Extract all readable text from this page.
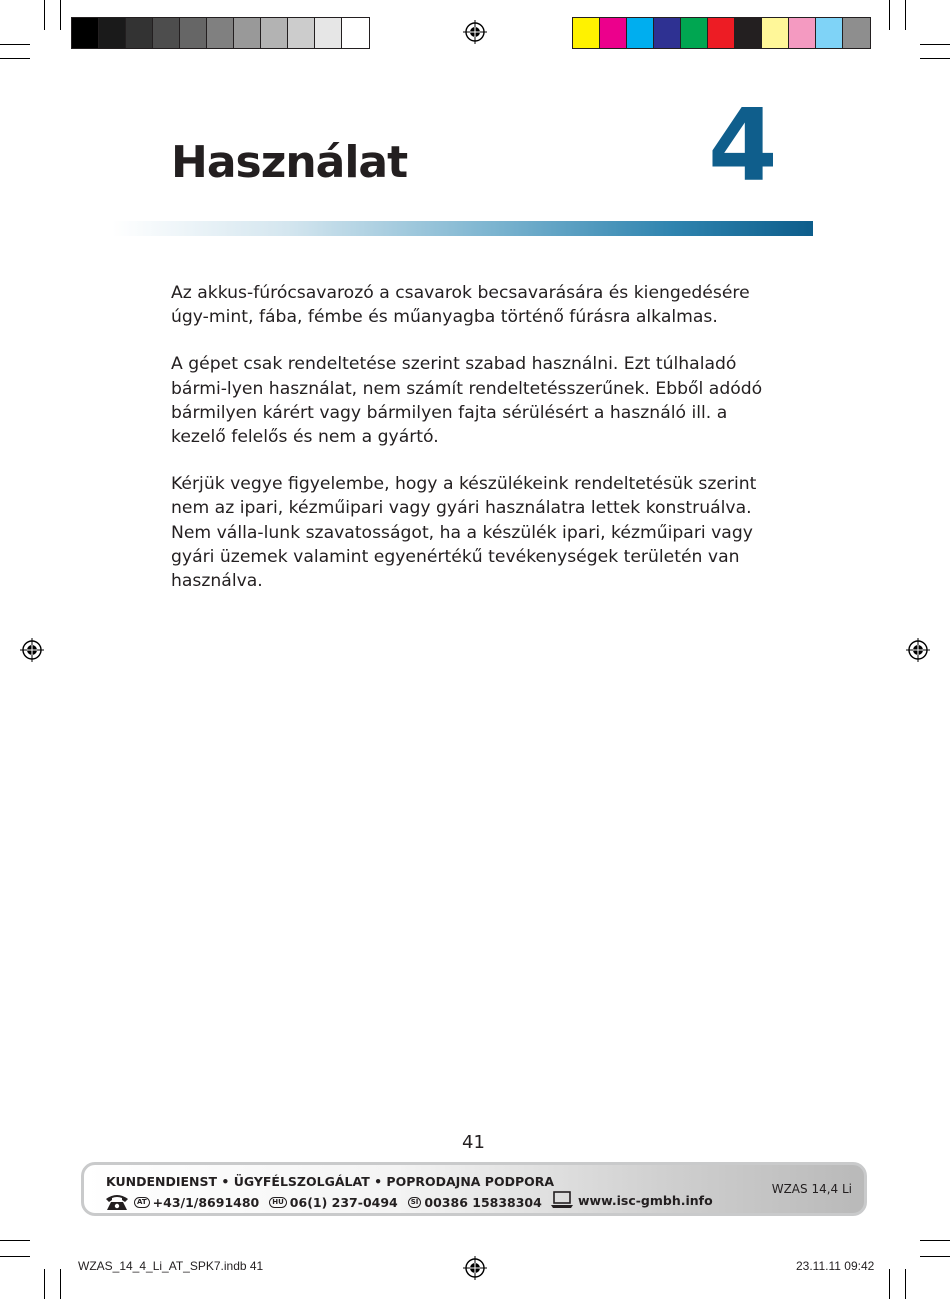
Használat	4

Az akkus-fúrócsavarozó a csavarok becsavarására és kiengedésére úgy-mint, fába, fémbe és műanyagba történő fúrásra alkalmas.

A gépet csak rendeltetése szerint szabad használni. Ezt túlhaladó bármi-lyen használat, nem számít rendeltetésszerűnek. Ebből adódó bármilyen kárért vagy bármilyen fajta sérülésért a használó ill. a kezelő felelős és nem a gyártó.

Kérjük vegye figyelembe, hogy a készülékeink rendeltetésük szerint nem az ipari, kézműipari vagy gyári használatra lettek konstruálva. Nem válla-lunk szavatosságot, ha a készülék ipari, kézműipari vagy gyári üzemek valamint egyenértékű tevékenységek területén van használva.

41
KUNDENDIENST • ÜGYFÉLSZOLGÁLAT • POPRODAJNA PODPORA
AT +43/1/8691480	HU 06(1) 237-0494	SI 00386 15838304	www.isc-gmbh.info
WZAS 14,4 Li
WZAS_14_4_Li_AT_SPK7.indb 41	23.11.11 09:42
